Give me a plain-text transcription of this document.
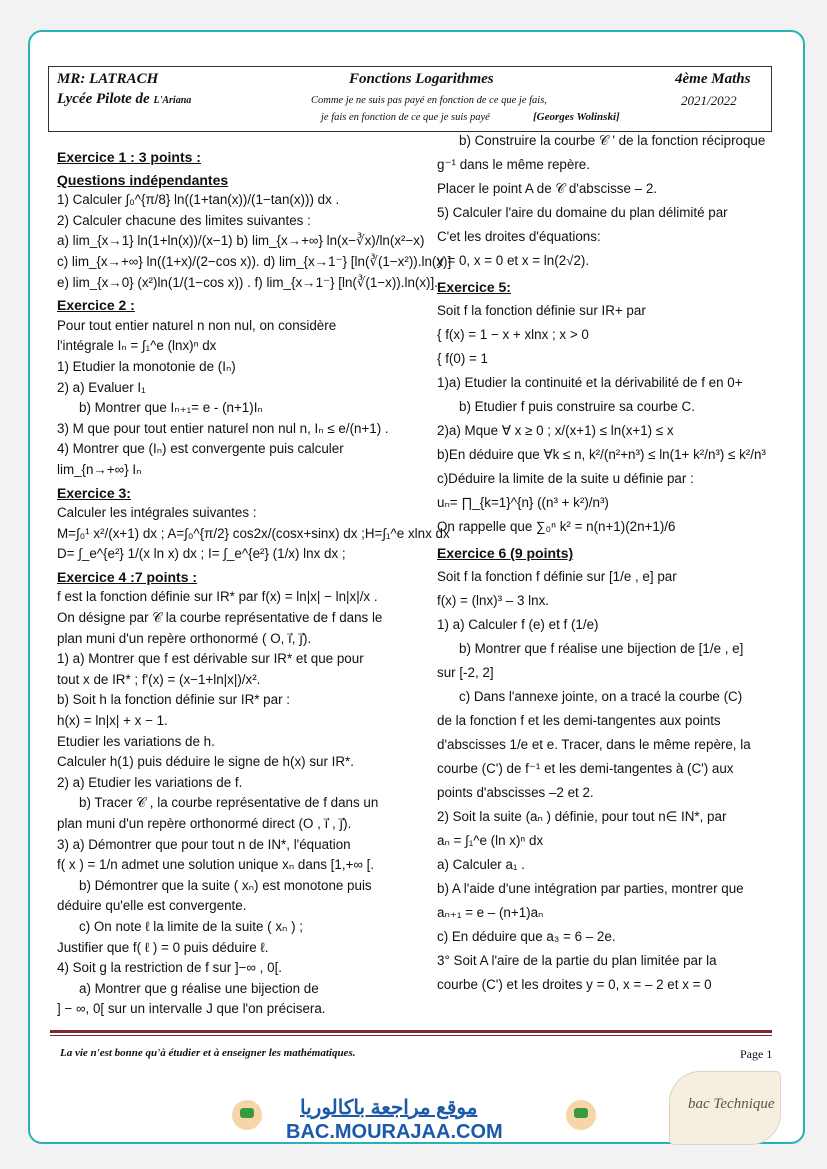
MR: LATRACH
Lycée Pilote de L'Ariana
Fonctions Logarithmes
Comme je ne suis pas payé en fonction de ce que je fais,
je fais en fonction de ce que je suis payé	[Georges Wolinski]
4ème Maths
2021/2022

Exercice 1 : 3 points :

Questions indépendantes

1) Calculer ∫₀^{π/8} ln((1+tan(x))/(1−tan(x))) dx .

2) Calculer chacune des limites suivantes :

a) lim_{x→1} ln(1+ln(x))/(x−1) b) lim_{x→+∞} ln(x−∛x)/ln(x²−x)

c) lim_{x→+∞} ln((1+x)/(2−cos x)). d) lim_{x→1⁻} [ln(∛(1−x²)).ln(x)]

e) lim_{x→0} (x²)ln(1/(1−cos x)) . f) lim_{x→1⁻} [ln(∛(1−x)).ln(x)].

Exercice 2 :

Pour tout entier naturel n non nul, on considère

l'intégrale Iₙ = ∫₁^e (lnx)ⁿ dx

1) Etudier la monotonie de (Iₙ)

2) a) Evaluer I₁

b) Montrer que Iₙ₊₁= e - (n+1)Iₙ

3) M que pour tout entier naturel non nul n, Iₙ ≤ e/(n+1) .

4) Montrer que (Iₙ) est convergente puis calculer

lim_{n→+∞} Iₙ

Exercice 3:

Calculer les intégrales suivantes :

M=∫₀¹ x²/(x+1) dx ; A=∫₀^{π/2} cos2x/(cosx+sinx) dx ;H=∫₁^e xlnx dx

D= ∫_e^{e²} 1/(x ln x) dx ; I= ∫_e^{e²} (1/x) lnx dx ;

Exercice 4 :7 points :

f est la fonction définie sur IR* par f(x) = ln|x| − ln|x|/x .

On désigne par 𝒞 la courbe représentative de f dans le

plan muni d'un repère orthonormé ( O, i⃗, j⃗).

1) a) Montrer que f est dérivable sur IR* et que pour

tout x de IR* ; f'(x) = (x−1+ln|x|)/x².

b) Soit h la fonction définie sur IR* par :

h(x) = ln|x| + x − 1.

Etudier les variations de h.

Calculer h(1) puis déduire le signe de h(x) sur IR*.

2) a) Etudier les variations de f.

b) Tracer 𝒞 , la courbe représentative de f dans un

plan muni d'un repère orthonormé direct (O , i⃗ , j⃗).

3) a) Démontrer que pour tout n de IN*, l'équation

f( x ) = 1/n admet une solution unique xₙ dans [1,+∞ [.

b) Démontrer que la suite ( xₙ) est monotone puis

déduire qu'elle est convergente.

c) On note ℓ la limite de la suite ( xₙ ) ;

Justifier que f( ℓ ) = 0 puis déduire ℓ.

4) Soit g la restriction de f sur ]−∞ , 0[.

a) Montrer que g réalise une bijection de

] − ∞, 0[ sur un intervalle J que l'on précisera.

b) Construire la courbe 𝒞 ' de la fonction réciproque

g⁻¹ dans le même repère.

Placer le point A de 𝒞 d'abscisse – 2.

5) Calculer l'aire du domaine du plan délimité par

C'et les droites d'équations:

y = 0, x = 0 et x = ln(2√2).

Exercice 5:

Soit f la fonction définie sur IR+ par

{ f(x) = 1 − x + xlnx ; x > 0

{ f(0) = 1

1)a) Etudier la continuité et la dérivabilité de f en 0+

b) Etudier f puis construire sa courbe C.

2)a) Mque ∀ x ≥ 0 ; x/(x+1) ≤ ln(x+1) ≤ x

b)En déduire que ∀k ≤ n, k²/(n²+n³) ≤ ln(1+ k²/n³) ≤ k²/n³

c)Déduire la limite de la suite u définie par :

uₙ= ∏_{k=1}^{n} ((n³ + k²)/n³)

On rappelle que ∑₀ⁿ k² = n(n+1)(2n+1)/6

Exercice 6 (9 points)

Soit f la fonction f définie sur [1/e , e] par

f(x) = (lnx)³ – 3 lnx.

1) a) Calculer f (e) et f (1/e)

b) Montrer que f réalise une bijection de [1/e , e]

sur [-2, 2]

c) Dans l'annexe jointe, on a tracé la courbe (C)

de la fonction f et les demi-tangentes aux points

d'abscisses 1/e et e. Tracer, dans le même repère, la

courbe (C') de f⁻¹ et les demi-tangentes à (C') aux

points d'abscisses –2 et 2.

2) Soit la suite (aₙ ) définie, pour tout n∈ IN*, par

aₙ = ∫₁^e (ln x)ⁿ dx

a) Calculer a₁ .

b) A l'aide d'une intégration par parties, montrer que

aₙ₊₁ = e – (n+1)aₙ

c) En déduire que a₃ = 6 – 2e.

3° Soit A l'aire de la partie du plan limitée par la

courbe (C') et les droites y = 0, x = – 2 et x = 0

La vie n'est bonne qu'à étudier et à enseigner les mathématiques.	Page 1
موقع مراجعة باكالوريا
BAC.MOURAJAA.COM
bac Technique
